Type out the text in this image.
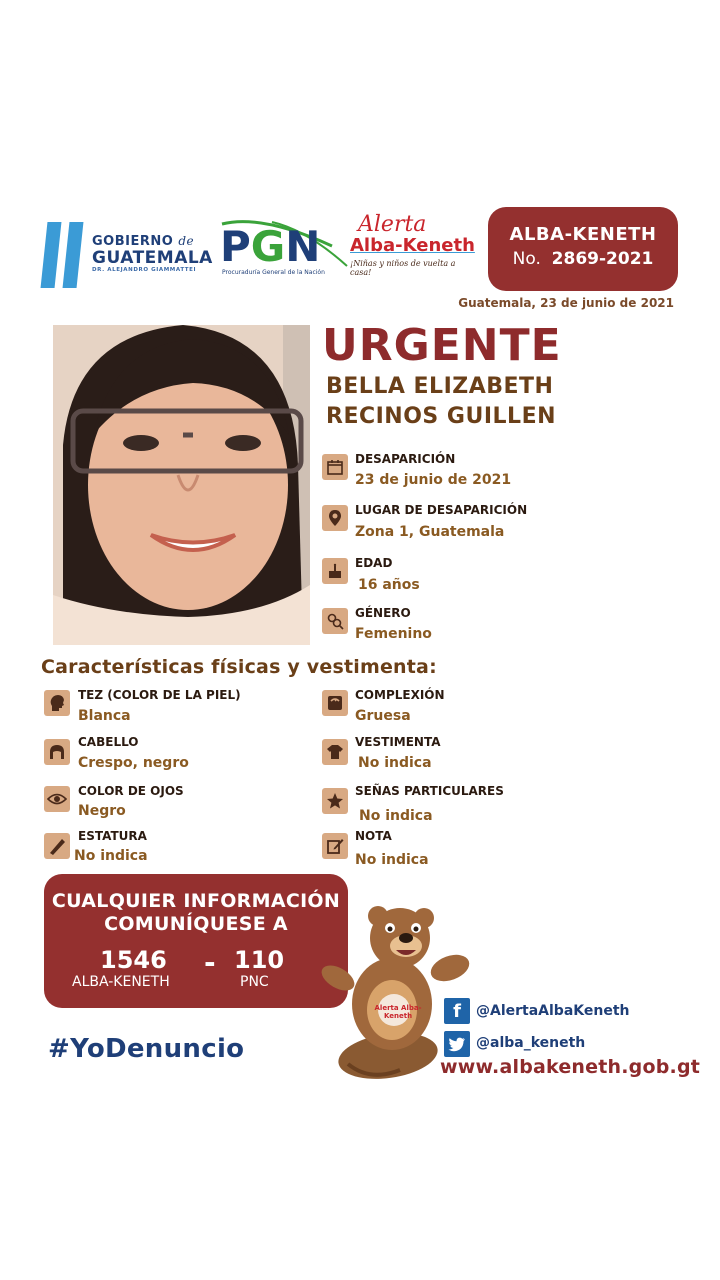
GOBIERNO de
GUATEMALA
DR. ALEJANDRO GIAMMATTEI PGN
Procuraduría General de la Nación
Alerta
Alba-Keneth
¡Niñas y niños de vuelta a casa!
ALBA-KENETH
No. 2869-2021
Guatemala, 23 de junio de 2021
URGENTE
BELLA ELIZABETH
RECINOS GUILLEN
DESAPARICIÓN
23 de junio de 2021
LUGAR DE DESAPARICIÓN
Zona 1, Guatemala
EDAD
16 años
GÉNERO
Femenino
Características físicas y vestimenta:
TEZ (COLOR DE LA PIEL)
Blanca
CABELLO
Crespo, negro
COLOR DE OJOS
Negro
ESTATURA
No indica
COMPLEXIÓN
Gruesa
VESTIMENTA
No indica
SEÑAS PARTICULARES
No indica
NOTA
No indica
CUALQUIER INFORMACIÓN
COMUNÍQUESE A
1546
ALBA-KENETH
- 110
PNC
#YoDenuncio
Alerta Alba-Keneth	f	@AlertaAlbaKeneth
@alba_keneth
www.albakeneth.gob.gt
